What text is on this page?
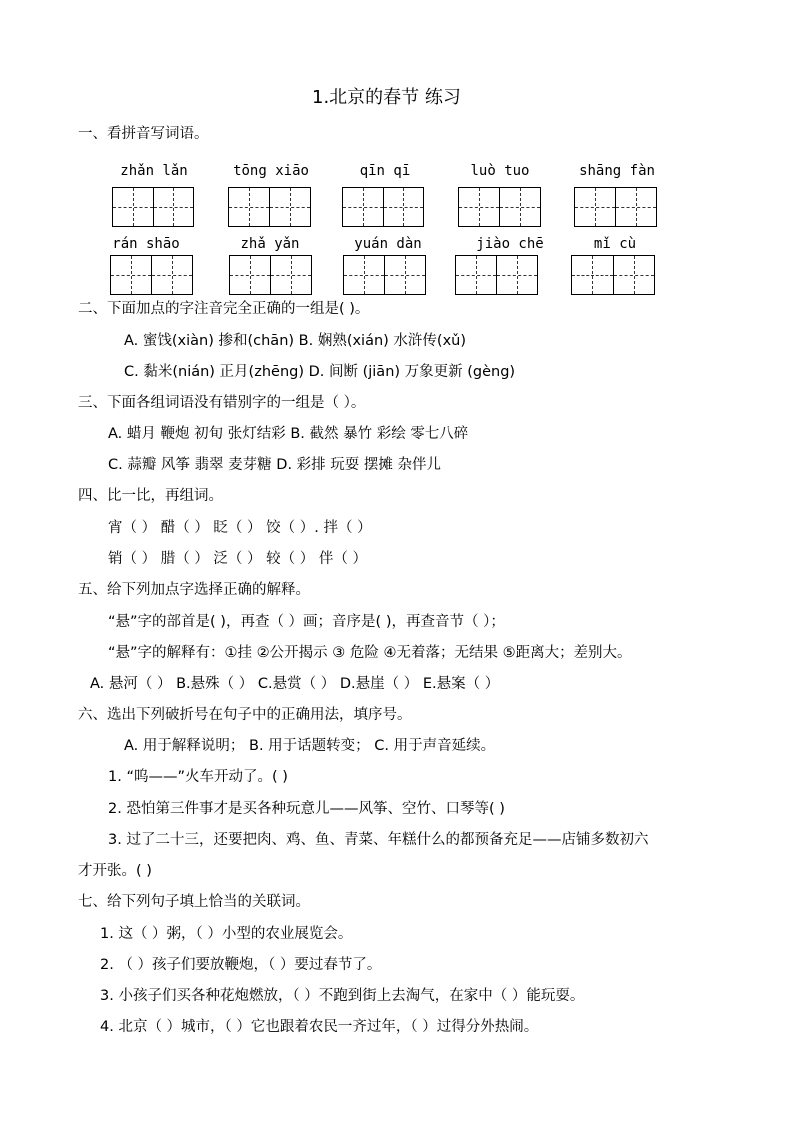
1.北京的春节 练习
一、看拼音写词语。
zhǎn lǎn	tōng xiāo	qīn qī	luò tuo	shāng fàn
rán shāo	zhǎ yǎn	yuán dàn	jiào chē	mǐ cù
二、下面加点的字注音完全正确的一组是( )。
A. 蜜饯(xiàn) 掺和(chān) B. 娴熟(xián) 水浒传(xǔ)
C. 黏米(nián) 正月(zhēng) D. 间断 (jiān) 万象更新 (gèng)
三、下面各组词语没有错别字的一组是（ ）。
A. 蜡月 鞭炮 初旬 张灯结彩 B. 截然 暴竹 彩绘 零七八碎
C. 蒜瓣 风筝 翡翠 麦芽糖 D. 彩排 玩耍 摆摊 杂伴儿
四、比一比，再组词。
宵（ ） 醋（ ） 眨（ ） 饺（ ）. 拌（ ）
销（ ） 腊（ ） 泛（ ） 较（ ） 伴（ ）
五、给下列加点字选择正确的解释。
“悬”字的部首是( )，再查（ ）画；音序是( )，再查音节（ ）；
“悬”字的解释有：①挂 ②公开揭示 ③ 危险 ④无着落；无结果 ⑤距离大；差别大。
A. 悬河（ ） B.悬殊（ ） C.悬赏（ ） D.悬崖（ ） E.悬案（ ）
六、选出下列破折号在句子中的正确用法，填序号。
A. 用于解释说明； B. 用于话题转变； C. 用于声音延续。
1. “呜——”火车开动了。( )
2. 恐怕第三件事才是买各种玩意儿——风筝、空竹、口琴等( )
3. 过了二十三，还要把肉、鸡、鱼、青菜、年糕什么的都预备充足——店铺多数初六
才开张。( )
七、给下列句子填上恰当的关联词。
1. 这（ ）粥，（ ）小型的农业展览会。
2. （ ）孩子们要放鞭炮，（ ）要过春节了。
3. 小孩子们买各种花炮燃放，（ ）不跑到街上去淘气，在家中（ ）能玩耍。
4. 北京（ ）城市，（ ）它也跟着农民一齐过年，（ ）过得分外热闹。
